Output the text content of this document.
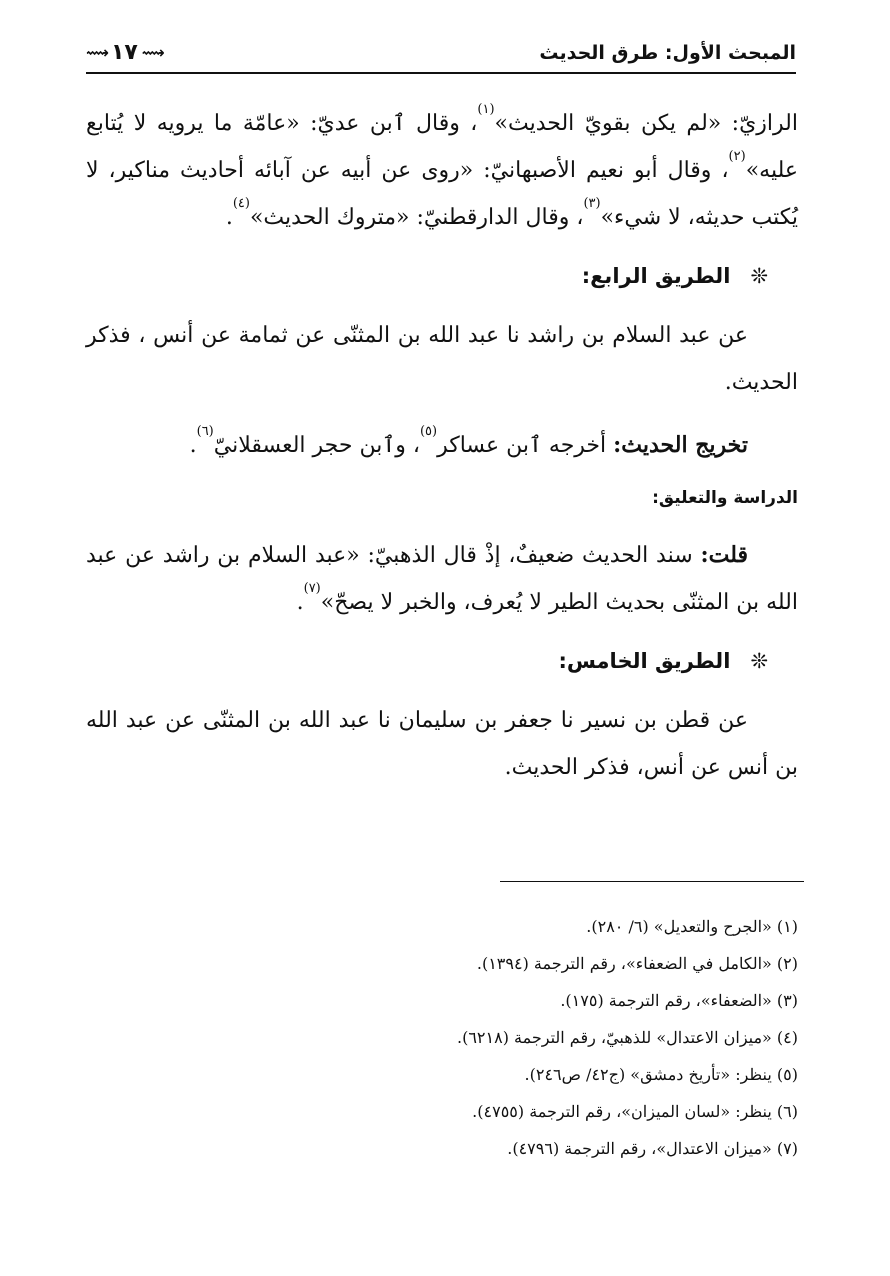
المبحث الأول: طرق الحديث
⟿ ١٧ ⟿

الرازيّ: «لم يكن بقويّ الحديث»$^{(١)}$، وقال ٱبن عديّ: «عامّة ما يرويه لا يُتابع عليه»$^{(٢)}$، وقال أبو نعيم الأصبهانيّ: «روى عن أبيه عن آبائه أحاديث مناكير، لا يُكتب حديثه، لا شيء»$^{(٣)}$، وقال الدارقطنيّ: «متروك الحديث»$^{(٤)}$.

❊الطريق الرابع:

عن عبد السلام بن راشد نا عبد الله بن المثنّى عن ثمامة عن أنس ، فذكر الحديث.

تخريج الحديث: أخرجه ٱبن عساكر$^{(٥)}$، وٱبن حجر العسقلانيّ$^{(٦)}$.

الدراسة والتعليق:

قلت: سند الحديث ضعيفٌ، إذْ قال الذهبيّ: «عبد السلام بن راشد عن عبد الله بن المثنّى بحديث الطير لا يُعرف، والخبر لا يصحّ»$^{(٧)}$.

❊الطريق الخامس:

عن قطن بن نسير نا جعفر بن سليمان نا عبد الله بن المثنّى عن عبد الله بن أنس عن أنس، فذكر الحديث.

(١) «الجرح والتعديل» (٦/ ٢٨٠).

(٢) «الكامل في الضعفاء»، رقم الترجمة (١٣٩٤).

(٣) «الضعفاء»، رقم الترجمة (١٧٥).

(٤) «ميزان الاعتدال» للذهبيّ، رقم الترجمة (٦٢١٨).

(٥) ينظر: «تأريخ دمشق» (ج٤٢/ ص٢٤٦).

(٦) ينظر: «لسان الميزان»، رقم الترجمة (٤٧٥٥).

(٧) «ميزان الاعتدال»، رقم الترجمة (٤٧٩٦).
